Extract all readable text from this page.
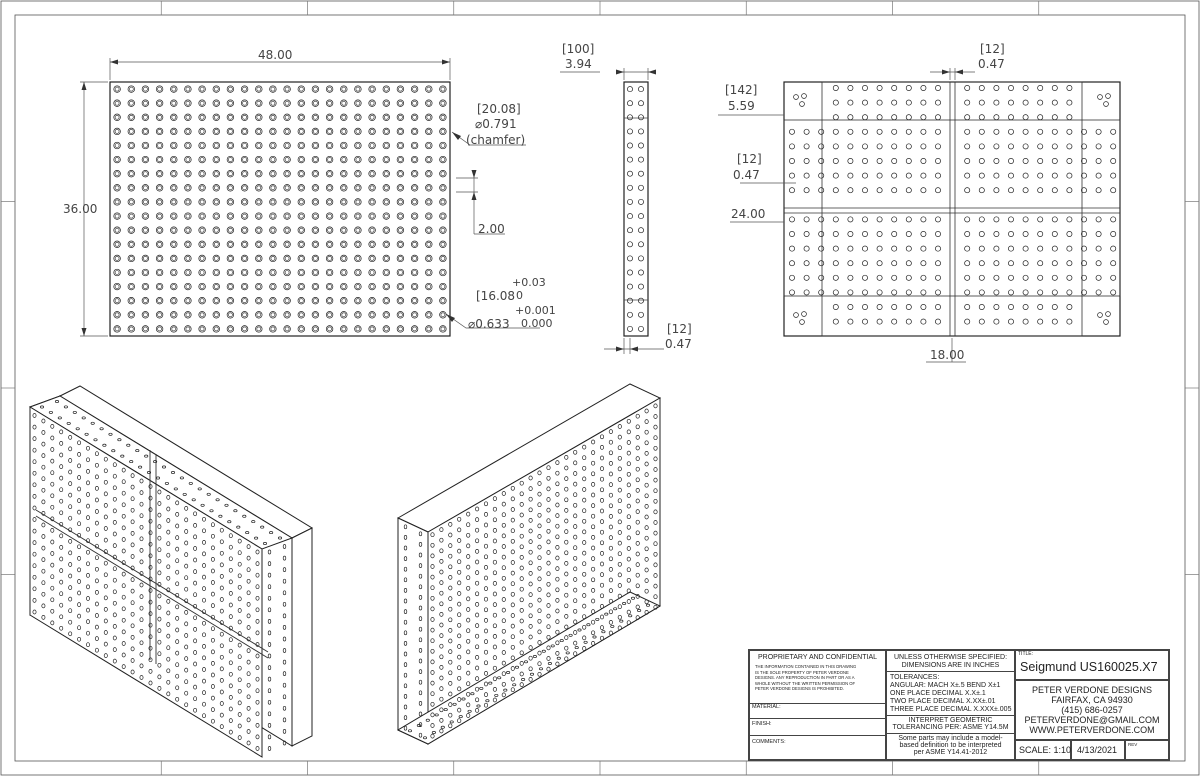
48.00
36.00
2.00
[20.08]
⌀0.791
(chamfer)
[16.08
+0.03
0
⌀0.633
+0.001
0.000
[100]
3.94
[12]
0.47
[12]
0.47
[142]
5.59
[12]
0.47
24.00
18.00
PROPRIETARY AND CONFIDENTIAL
THE INFORMATION CONTAINED IN THIS DRAWING
IS THE SOLE PROPERTY OF PETER VERDONE
DESIGNS. ANY REPRODUCTION IN PART OR AS A
WHOLE WITHOUT THE WRITTEN PERMISSION OF
PETER VERDONE DESIGNS IS PROHIBITED.
MATERIAL:
FINISH:
COMMENTS:
UNLESS OTHERWISE SPECIFIED:
DIMENSIONS ARE IN INCHES
TOLERANCES:
ANGULAR: MACH X±.5 BEND X±1
ONE PLACE DECIMAL X.X±.1
TWO PLACE DECIMAL X.XX±.01
THREE PLACE DECIMAL X.XXX±.005
INTERPRET GEOMETRIC
TOLERANCING PER: ASME Y14.5M
Some parts may include a model-
based definition to be interpreted
per ASME Y14.41-2012
TITLE:
Seigmund US160025.X7
PETER VERDONE DESIGNS
FAIRFAX, CA 94930
(415) 686-0257
PETERVERDONE@GMAIL.COM
WWW.PETERVERDONE.COM
SCALE: 1:10 4/13/2021
REV
